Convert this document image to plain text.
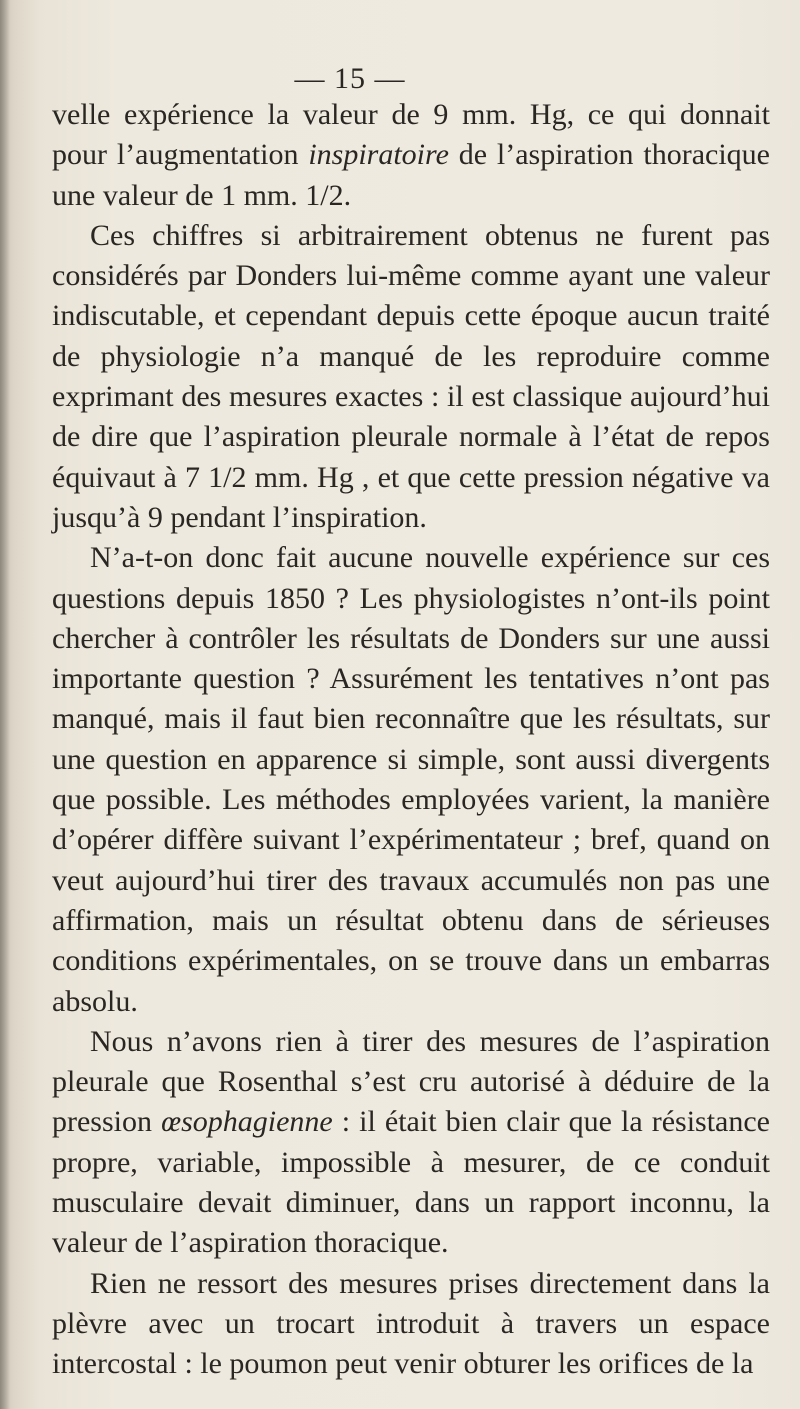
— 15 —

velle expérience la valeur de 9 mm. Hg, ce qui donnait pour l’augmentation inspiratoire de l’aspiration thoracique une valeur de 1 mm. 1/2.

Ces chiffres si arbitrairement obtenus ne furent pas considérés par Donders lui-même comme ayant une valeur indiscutable, et cependant depuis cette époque aucun traité de physiologie n’a manqué de les reproduire comme exprimant des mesures exactes : il est classique aujourd’hui de dire que l’aspiration pleurale normale à l’état de repos équivaut à 7 1/2 mm. Hg , et que cette pression négative va jusqu’à 9 pendant l’inspiration.

N’a-t-on donc fait aucune nouvelle expérience sur ces questions depuis 1850 ? Les physiologistes n’ont-ils point chercher à contrôler les résultats de Donders sur une aussi importante question ? Assurément les tentatives n’ont pas manqué, mais il faut bien reconnaître que les résultats, sur une question en apparence si simple, sont aussi divergents que possible. Les méthodes employées varient, la manière d’opérer diffère suivant l’expérimentateur ; bref, quand on veut aujourd’hui tirer des travaux accumulés non pas une affirmation, mais un résultat obtenu dans de sérieuses conditions expérimentales, on se trouve dans un embarras absolu.

Nous n’avons rien à tirer des mesures de l’aspiration pleurale que Rosenthal s’est cru autorisé à déduire de la pression œsophagienne : il était bien clair que la résistance propre, variable, impossible à mesurer, de ce conduit musculaire devait diminuer, dans un rapport inconnu, la valeur de l’aspiration thoracique.

Rien ne ressort des mesures prises directement dans la plèvre avec un trocart introduit à travers un espace intercostal : le poumon peut venir obturer les orifices de la
